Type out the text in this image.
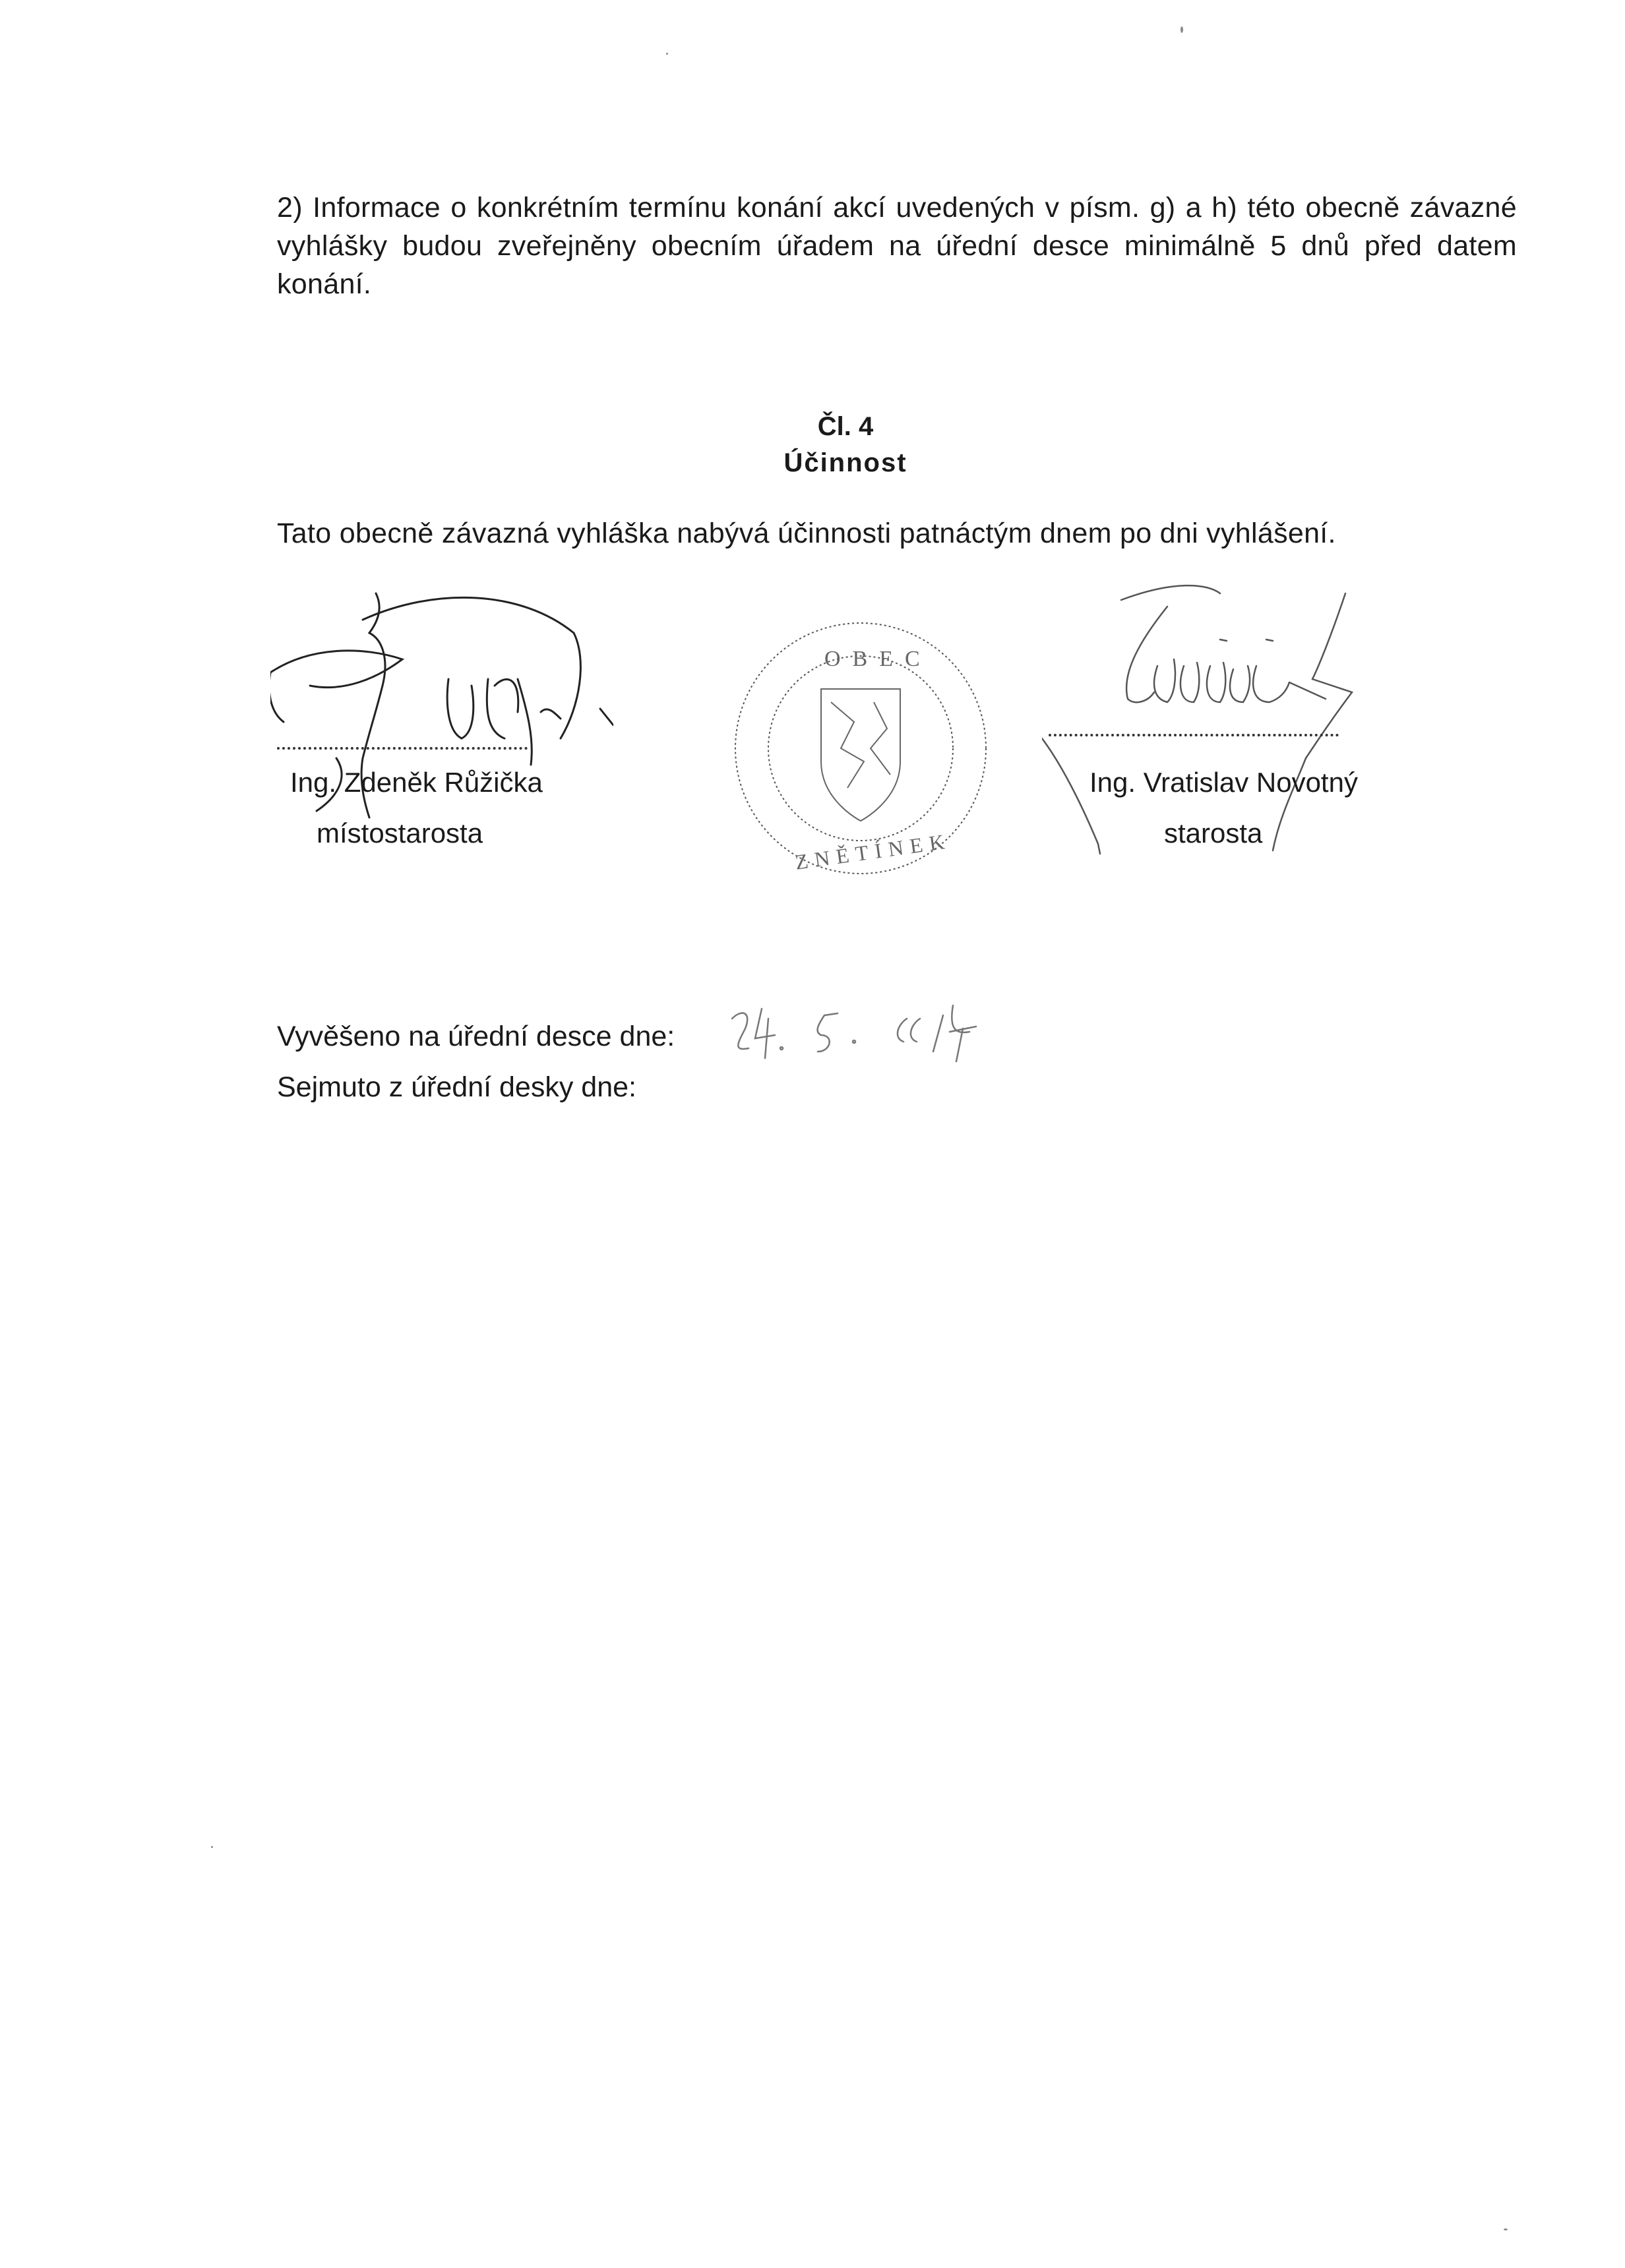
2) Informace o konkrétním termínu konání akcí uvedených v písm. g) a h) této obecně závazné vyhlášky budou zveřejněny obecním úřadem na úřední desce minimálně 5 dnů před datem konání.

Čl. 4
Účinnost
Tato obecně závazná vyhláška nabývá účinnosti patnáctým dnem po dni vyhlášení.
Ing. Zdeněk Růžička
místostarosta
OBEC
ZNĚTÍNEK
Ing. Vratislav Novotný
starosta
Vyvěšeno na úřední desce dne:
Sejmuto z úřední desky dne:
